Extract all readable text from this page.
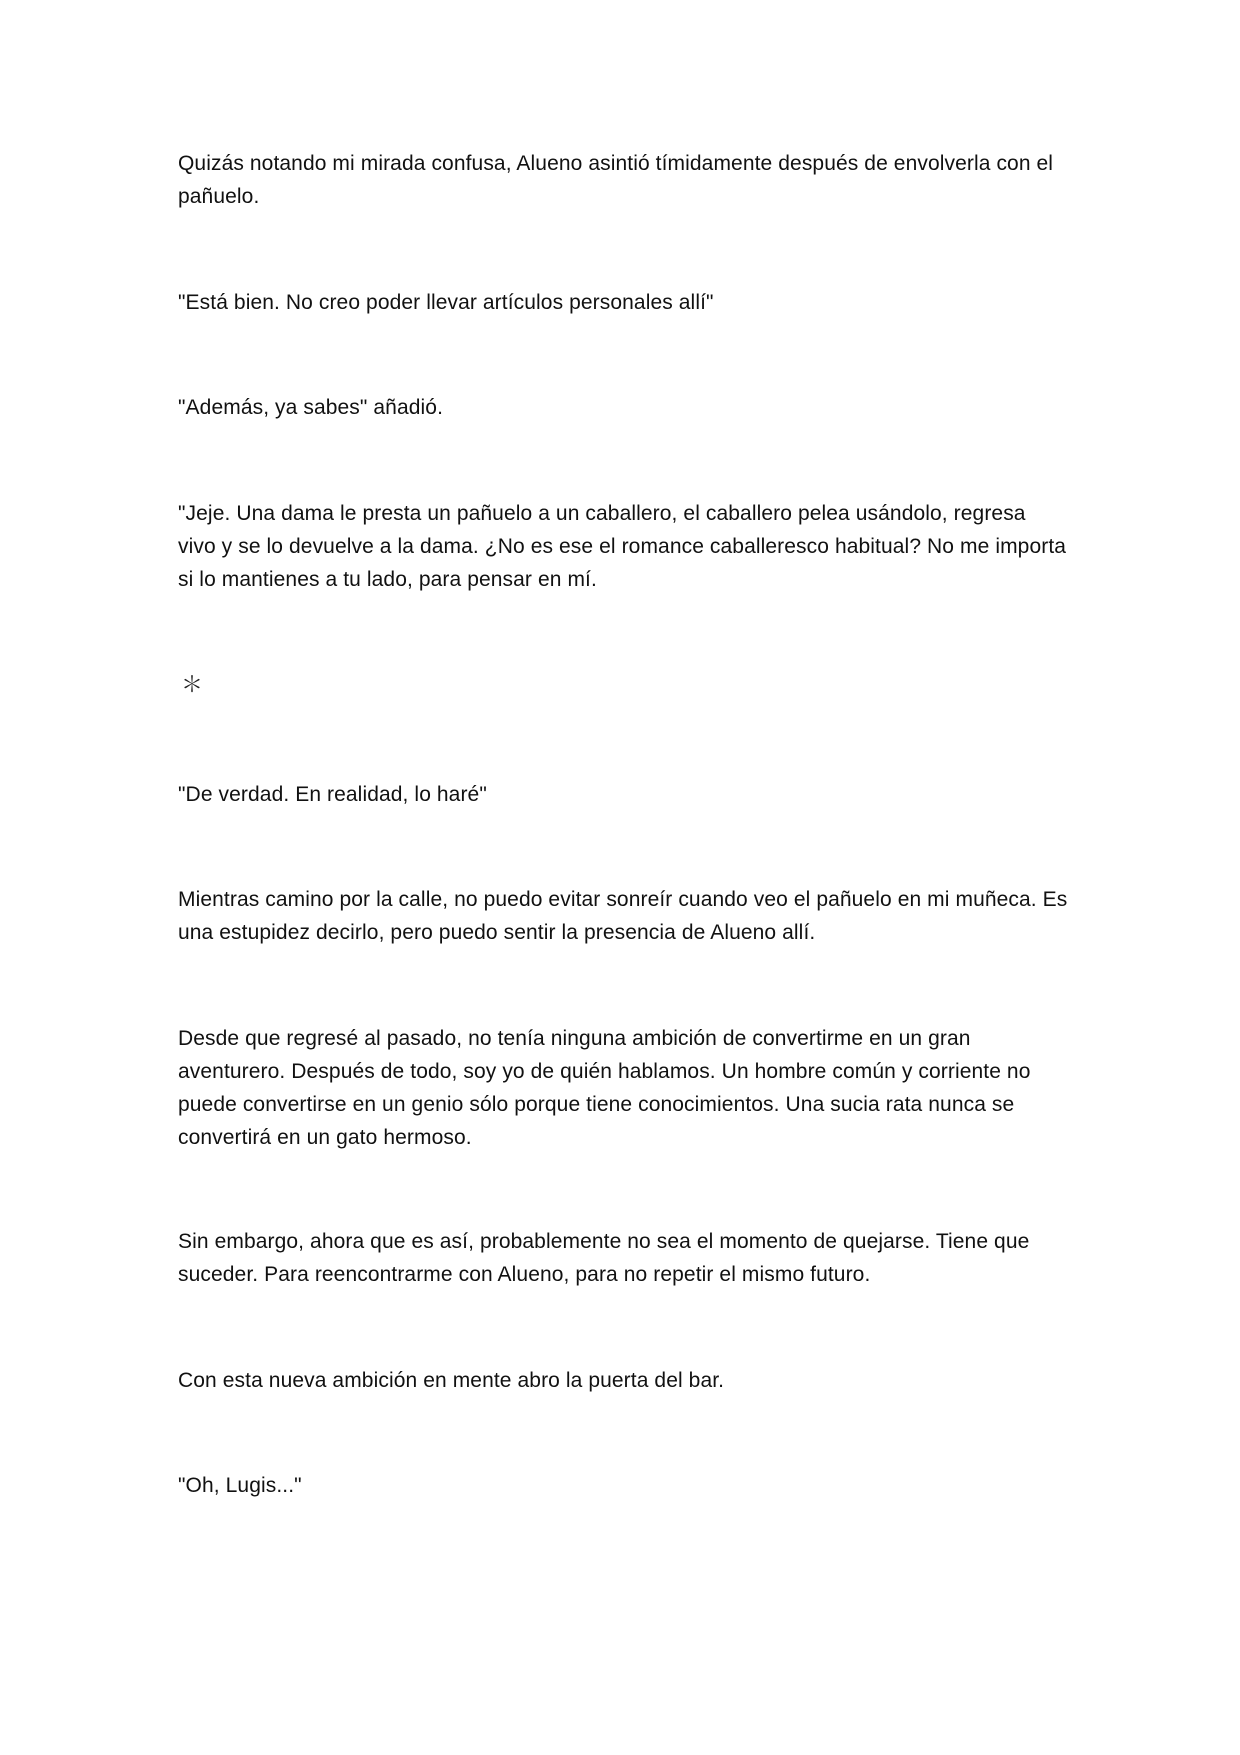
Quizás notando mi mirada confusa, Alueno asintió tímidamente después de envolverla con el pañuelo.

"Está bien. No creo poder llevar artículos personales allí"

"Además, ya sabes" añadió.

"Jeje. Una dama le presta un pañuelo a un caballero, el caballero pelea usándolo, regresa vivo y se lo devuelve a la dama. ¿No es ese el romance caballeresco habitual? No me importa si lo mantienes a tu lado, para pensar en mí.

＊

"De verdad. En realidad, lo haré"

Mientras camino por la calle, no puedo evitar sonreír cuando veo el pañuelo en mi muñeca. Es una estupidez decirlo, pero puedo sentir la presencia de Alueno allí.

Desde que regresé al pasado, no tenía ninguna ambición de convertirme en un gran aventurero. Después de todo, soy yo de quién hablamos. Un hombre común y corriente no puede convertirse en un genio sólo porque tiene conocimientos. Una sucia rata nunca se convertirá en un gato hermoso.

Sin embargo, ahora que es así, probablemente no sea el momento de quejarse. Tiene que suceder. Para reencontrarme con Alueno, para no repetir el mismo futuro.

Con esta nueva ambición en mente abro la puerta del bar.

"Oh, Lugis..."
